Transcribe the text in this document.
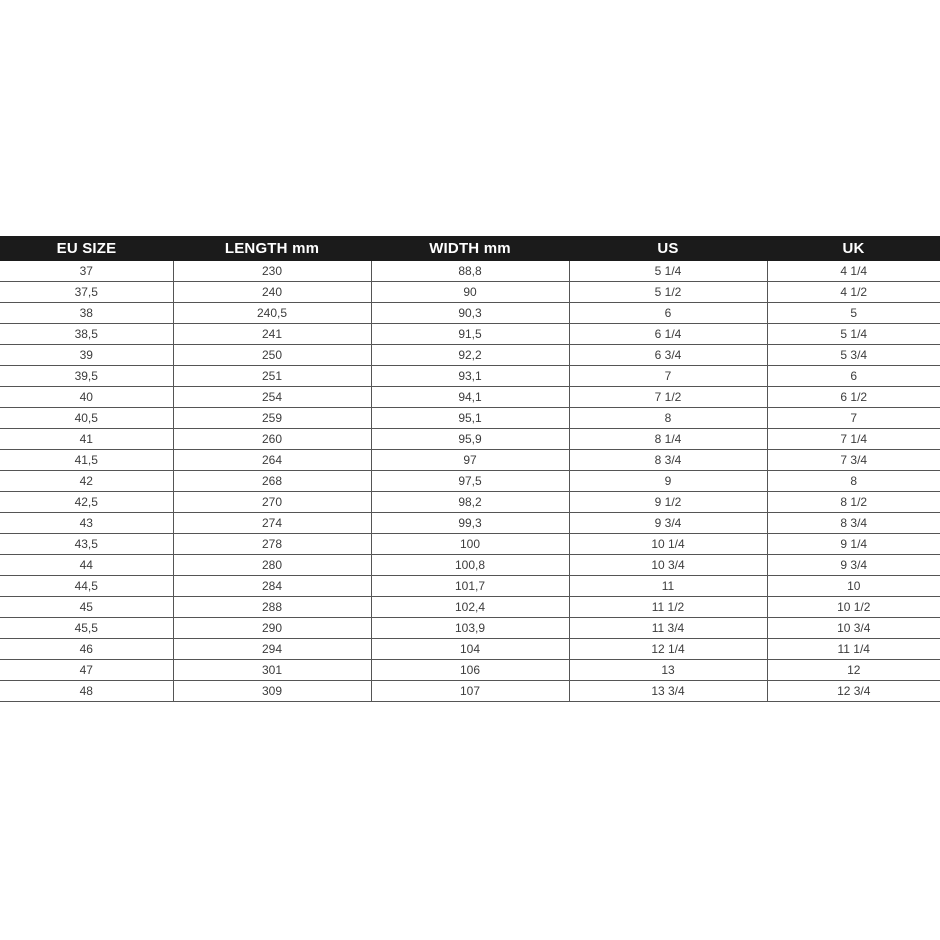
EU SIZE	LENGTH mm	WIDTH mm	US	UK
37	230	88,8	5 1/4	4 1/4
37,5	240	90	5 1/2	4 1/2
38	240,5	90,3	6	5
38,5	241	91,5	6 1/4	5 1/4
39	250	92,2	6 3/4	5 3/4
39,5	251	93,1	7	6
40	254	94,1	7 1/2	6 1/2
40,5	259	95,1	8	7
41	260	95,9	8 1/4	7 1/4
41,5	264	97	8 3/4	7 3/4
42	268	97,5	9	8
42,5	270	98,2	9 1/2	8 1/2
43	274	99,3	9 3/4	8 3/4
43,5	278	100	10 1/4	9 1/4
44	280	100,8	10 3/4	9 3/4
44,5	284	101,7	11	10
45	288	102,4	11 1/2	10 1/2
45,5	290	103,9	11 3/4	10 3/4
46	294	104	12 1/4	11 1/4
47	301	106	13	12
48	309	107	13 3/4	12 3/4
